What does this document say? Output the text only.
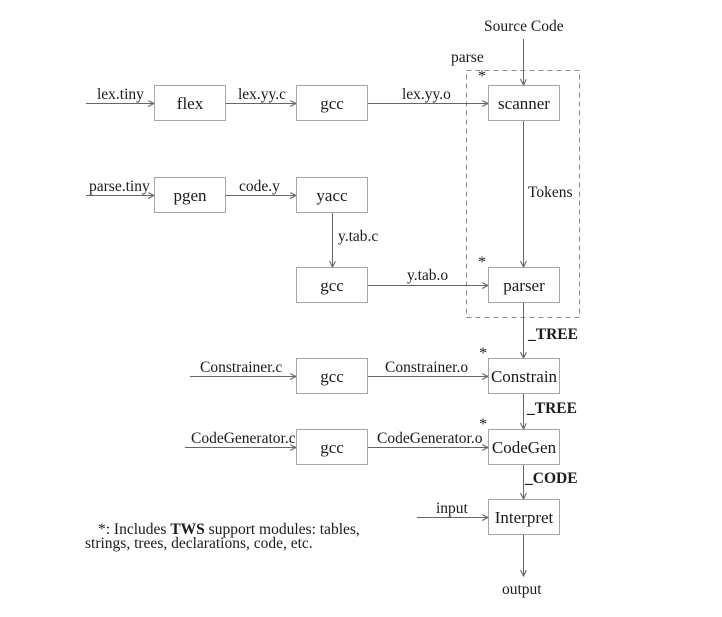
flex	gcc	scanner
pgen	yacc
gcc	parser
gcc	Constrain
gcc	CodeGen
Interpret
*
*
*
*
Source Code
parse
lex.tiny	lex.yy.c	lex.yy.o
parse.tiny	code.y
y.tab.c
Tokens
y.tab.o
_TREE
Constrainer.c	Constrainer.o
_TREE
CodeGenerator.c	CodeGenerator.o
_CODE
input
output
*: Includes TWS support modules: tables, strings, trees, declarations, code, etc.
